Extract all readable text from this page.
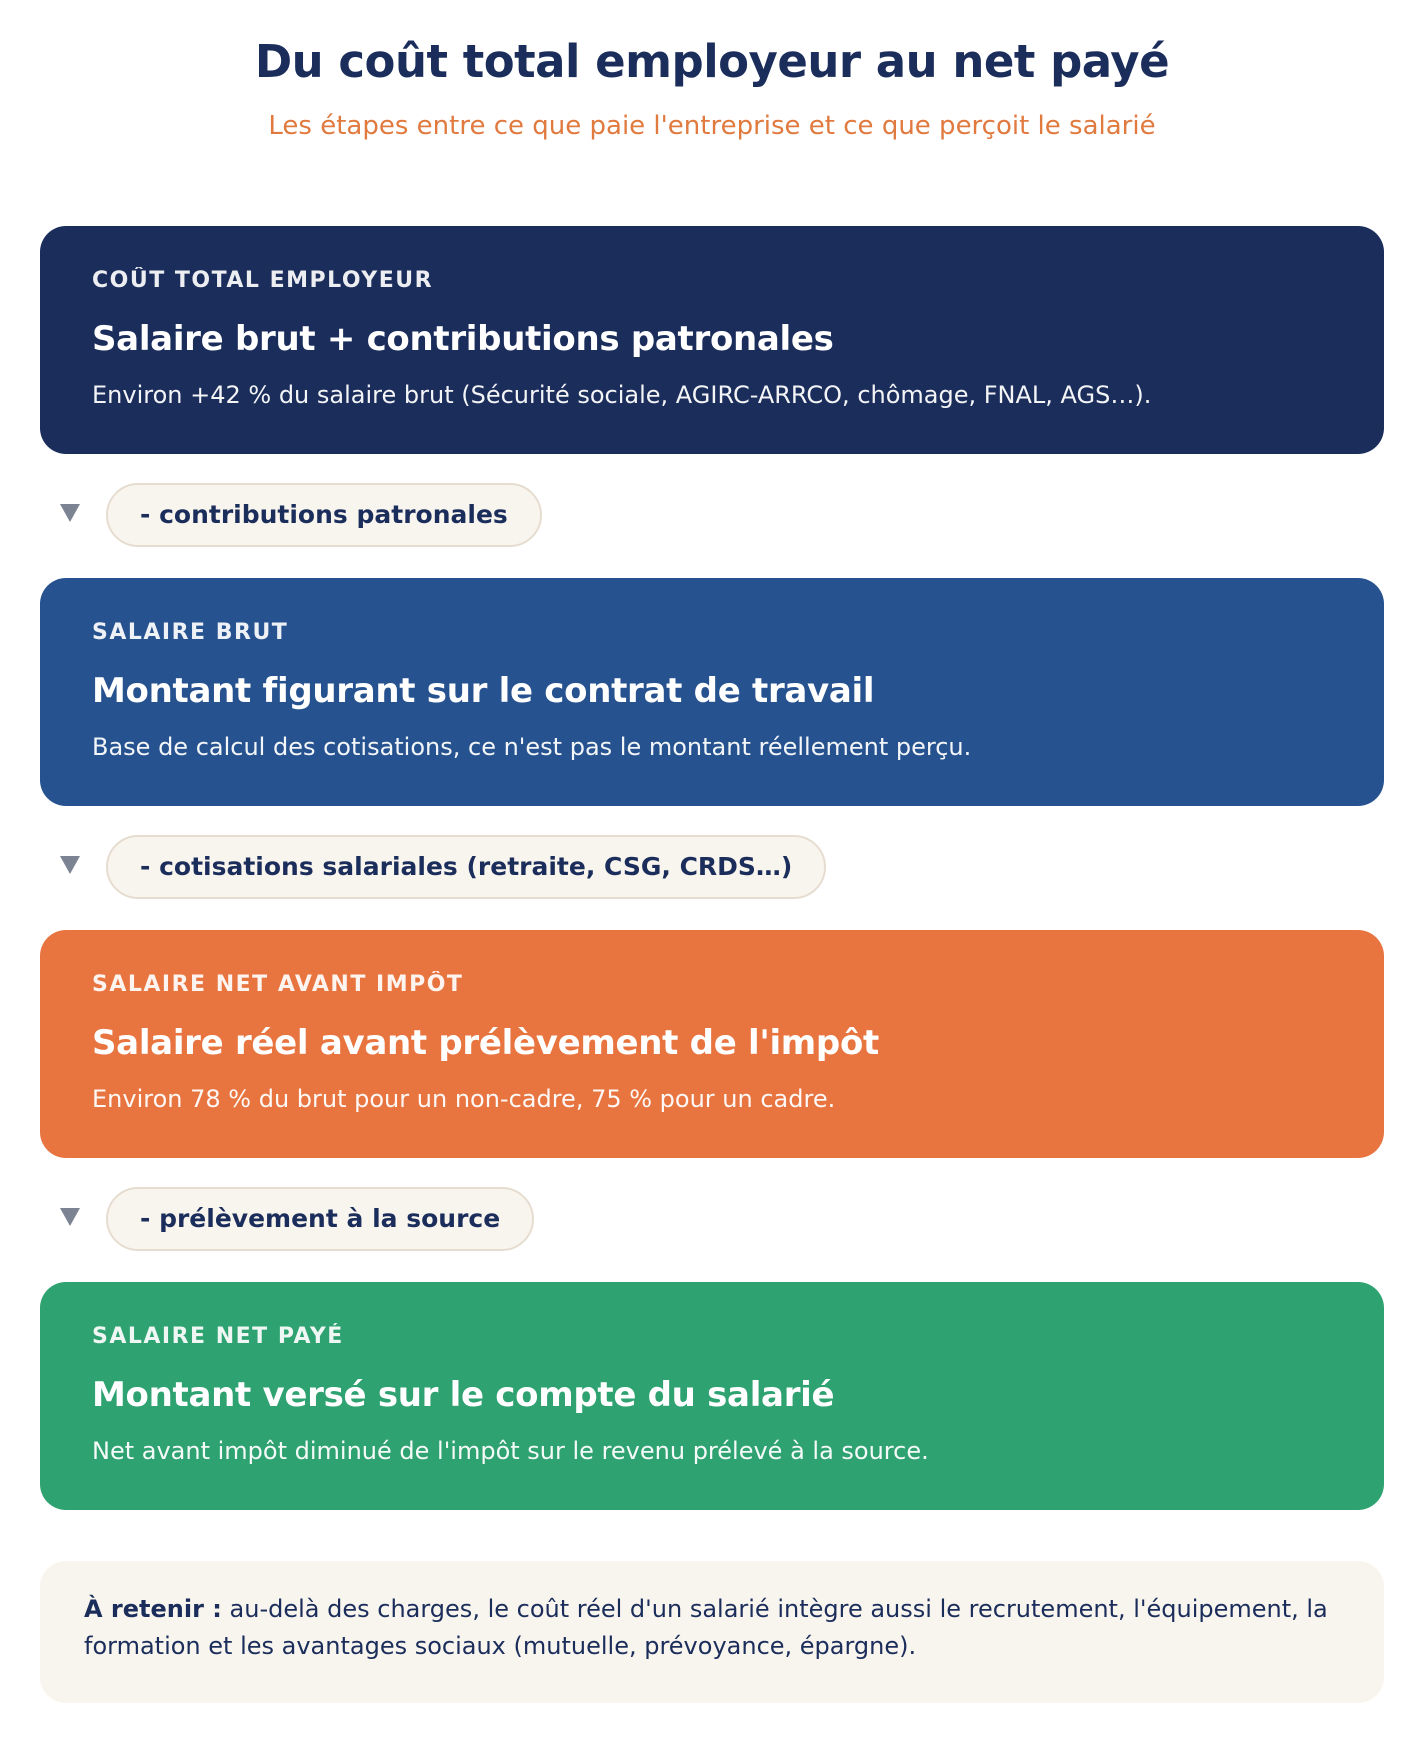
Du coût total employeur au net payé

Les étapes entre ce que paie l'entreprise et ce que perçoit le salarié

COÛT TOTAL EMPLOYEUR
Salaire brut + contributions patronales
Environ +42 % du salaire brut (Sécurité sociale, AGIRC-ARRCO, chômage, FNAL, AGS…).
- contributions patronales
SALAIRE BRUT
Montant figurant sur le contrat de travail
Base de calcul des cotisations, ce n'est pas le montant réellement perçu.
- cotisations salariales (retraite, CSG, CRDS…)
SALAIRE NET AVANT IMPÔT
Salaire réel avant prélèvement de l'impôt
Environ 78 % du brut pour un non-cadre, 75 % pour un cadre.
- prélèvement à la source
SALAIRE NET PAYÉ
Montant versé sur le compte du salarié
Net avant impôt diminué de l'impôt sur le revenu prélevé à la source.
À retenir : au-delà des charges, le coût réel d'un salarié intègre aussi le recrutement, l'équipement, la formation et les avantages sociaux (mutuelle, prévoyance, épargne).
